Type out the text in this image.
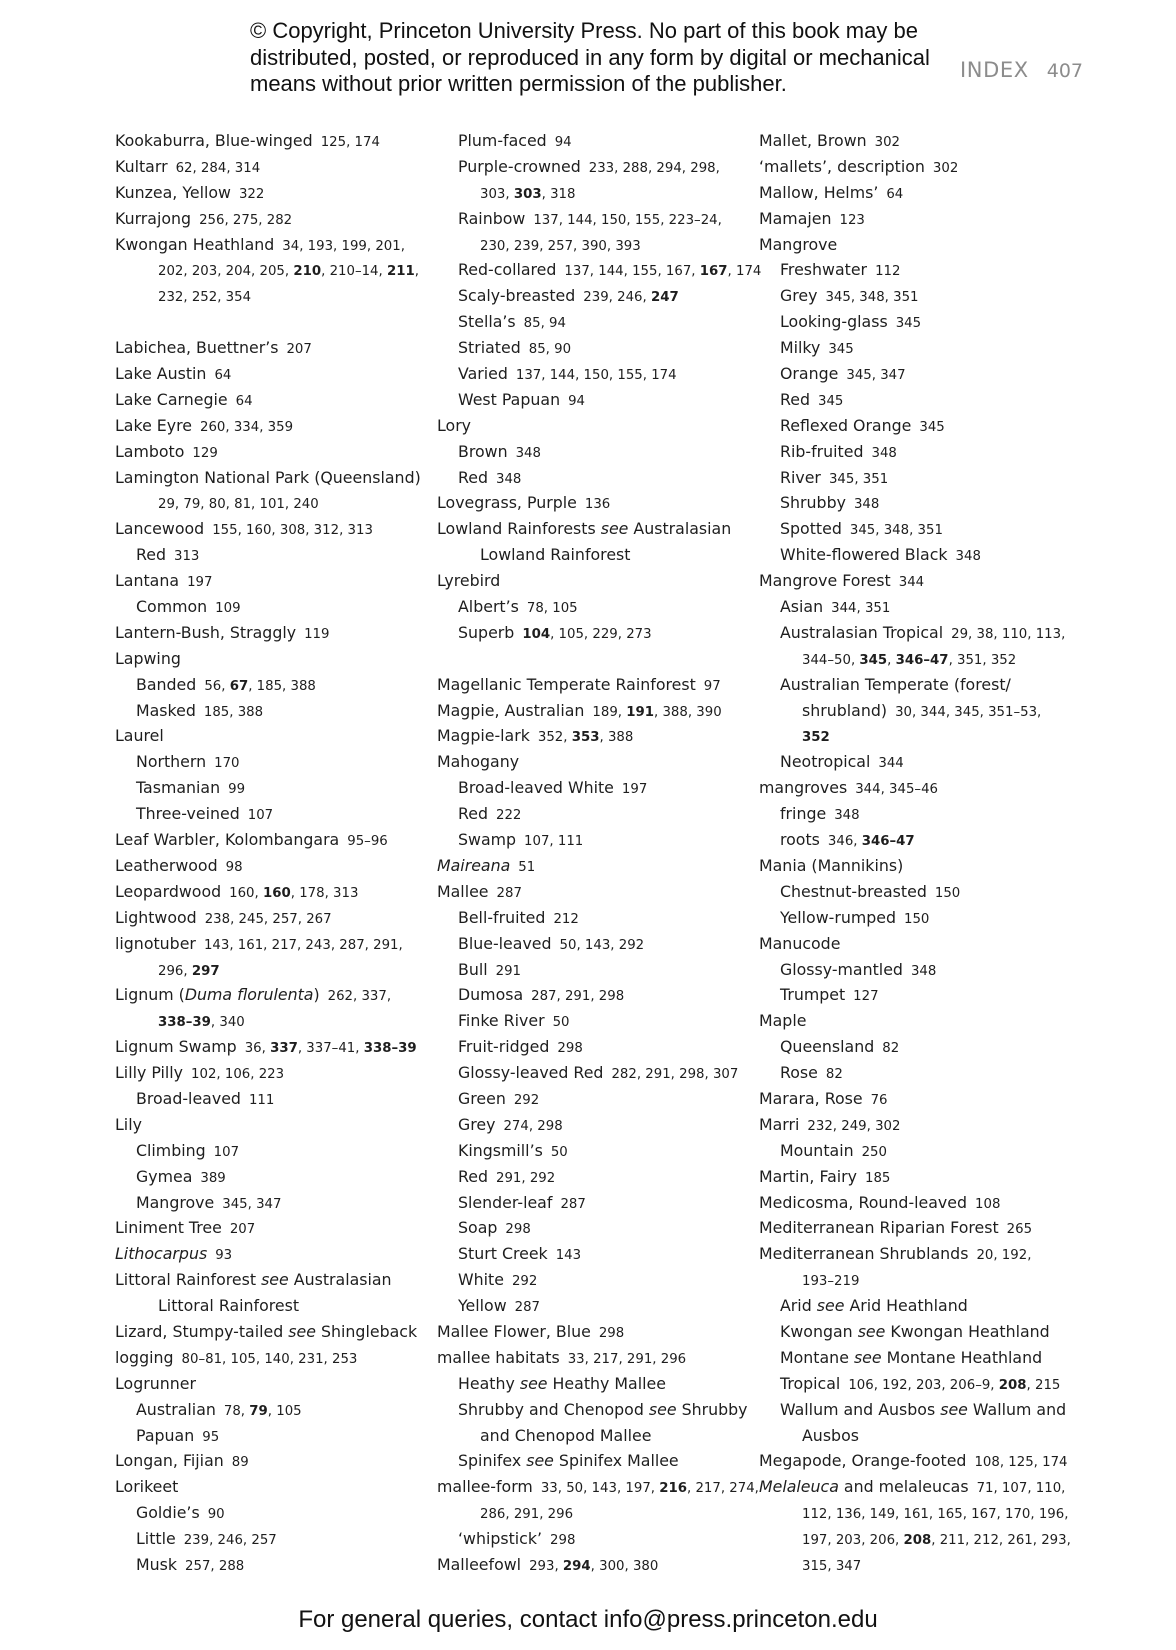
© Copyright, Princeton University Press. No part of this book may be
distributed, posted, or reproduced in any form by digital or mechanical
means without prior written permission of the publisher.
INDEX 407
Kookaburra, Blue-winged 125, 174
Kultarr 62, 284, 314
Kunzea, Yellow 322
Kurrajong 256, 275, 282
Kwongan Heathland 34, 193, 199, 201,
202, 203, 204, 205, 210, 210–14, 211,
232, 252, 354
Labichea, Buettner’s 207
Lake Austin 64
Lake Carnegie 64
Lake Eyre 260, 334, 359
Lamboto 129
Lamington National Park (Queensland)
29, 79, 80, 81, 101, 240
Lancewood 155, 160, 308, 312, 313
Red 313
Lantana 197
Common 109
Lantern-Bush, Straggly 119
Lapwing
Banded 56, 67, 185, 388
Masked 185, 388
Laurel
Northern 170
Tasmanian 99
Three-veined 107
Leaf Warbler, Kolombangara 95–96
Leatherwood 98
Leopardwood 160, 160, 178, 313
Lightwood 238, 245, 257, 267
lignotuber 143, 161, 217, 243, 287, 291,
296, 297
Lignum (Duma florulenta) 262, 337,
338–39, 340
Lignum Swamp 36, 337, 337–41, 338–39
Lilly Pilly 102, 106, 223
Broad-leaved 111
Lily
Climbing 107
Gymea 389
Mangrove 345, 347
Liniment Tree 207
Lithocarpus 93
Littoral Rainforest see Australasian
Littoral Rainforest
Lizard, Stumpy-tailed see Shingleback
logging 80–81, 105, 140, 231, 253
Logrunner
Australian 78, 79, 105
Papuan 95
Longan, Fijian 89
Lorikeet
Goldie’s 90
Little 239, 246, 257
Musk 257, 288
Plum-faced 94
Purple-crowned 233, 288, 294, 298,
303, 303, 318
Rainbow 137, 144, 150, 155, 223–24,
230, 239, 257, 390, 393
Red-collared 137, 144, 155, 167, 167, 174
Scaly-breasted 239, 246, 247
Stella’s 85, 94
Striated 85, 90
Varied 137, 144, 150, 155, 174
West Papuan 94
Lory
Brown 348
Red 348
Lovegrass, Purple 136
Lowland Rainforests see Australasian
Lowland Rainforest
Lyrebird
Albert’s 78, 105
Superb 104, 105, 229, 273
Magellanic Temperate Rainforest 97
Magpie, Australian 189, 191, 388, 390
Magpie-lark 352, 353, 388
Mahogany
Broad-leaved White 197
Red 222
Swamp 107, 111
Maireana 51
Mallee 287
Bell-fruited 212
Blue-leaved 50, 143, 292
Bull 291
Dumosa 287, 291, 298
Finke River 50
Fruit-ridged 298
Glossy-leaved Red 282, 291, 298, 307
Green 292
Grey 274, 298
Kingsmill’s 50
Red 291, 292
Slender-leaf 287
Soap 298
Sturt Creek 143
White 292
Yellow 287
Mallee Flower, Blue 298
mallee habitats 33, 217, 291, 296
Heathy see Heathy Mallee
Shrubby and Chenopod see Shrubby
and Chenopod Mallee
Spinifex see Spinifex Mallee
mallee-form 33, 50, 143, 197, 216, 217, 274,
286, 291, 296
‘whipstick’ 298
Malleefowl 293, 294, 300, 380
Mallet, Brown 302
‘mallets’, description 302
Mallow, Helms’ 64
Mamajen 123
Mangrove
Freshwater 112
Grey 345, 348, 351
Looking-glass 345
Milky 345
Orange 345, 347
Red 345
Reflexed Orange 345
Rib-fruited 348
River 345, 351
Shrubby 348
Spotted 345, 348, 351
White-flowered Black 348
Mangrove Forest 344
Asian 344, 351
Australasian Tropical 29, 38, 110, 113,
344–50, 345, 346–47, 351, 352
Australian Temperate (forest/
shrubland) 30, 344, 345, 351–53,
352
Neotropical 344
mangroves 344, 345–46
fringe 348
roots 346, 346–47
Mania (Mannikins)
Chestnut-breasted 150
Yellow-rumped 150
Manucode
Glossy-mantled 348
Trumpet 127
Maple
Queensland 82
Rose 82
Marara, Rose 76
Marri 232, 249, 302
Mountain 250
Martin, Fairy 185
Medicosma, Round-leaved 108
Mediterranean Riparian Forest 265
Mediterranean Shrublands 20, 192,
193–219
Arid see Arid Heathland
Kwongan see Kwongan Heathland
Montane see Montane Heathland
Tropical 106, 192, 203, 206–9, 208, 215
Wallum and Ausbos see Wallum and
Ausbos
Megapode, Orange-footed 108, 125, 174
Melaleuca and melaleucas 71, 107, 110,
112, 136, 149, 161, 165, 167, 170, 196,
197, 203, 206, 208, 211, 212, 261, 293,
315, 347
For general queries, contact info@press.princeton.edu
